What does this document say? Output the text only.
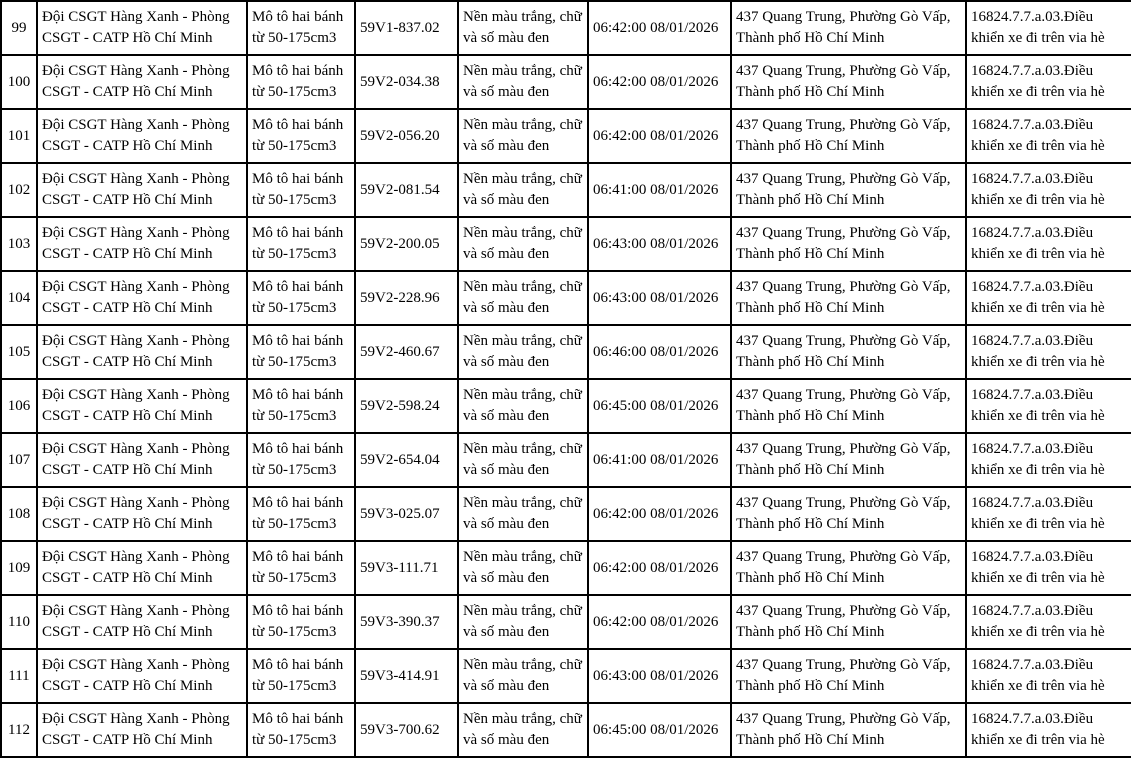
99	Đội CSGT Hàng Xanh - Phòng CSGT - CATP Hồ Chí Minh	Mô tô hai bánh từ 50-175cm3	59V1-837.02	Nền màu trắng, chữ và số màu đen	06:42:00 08/01/2026	437 Quang Trung, Phường Gò Vấp, Thành phố Hồ Chí Minh	16824.7.7.a.03.Điều khiển xe đi trên via hè
100	Đội CSGT Hàng Xanh - Phòng CSGT - CATP Hồ Chí Minh	Mô tô hai bánh từ 50-175cm3	59V2-034.38	Nền màu trắng, chữ và số màu đen	06:42:00 08/01/2026	437 Quang Trung, Phường Gò Vấp, Thành phố Hồ Chí Minh	16824.7.7.a.03.Điều khiển xe đi trên via hè
101	Đội CSGT Hàng Xanh - Phòng CSGT - CATP Hồ Chí Minh	Mô tô hai bánh từ 50-175cm3	59V2-056.20	Nền màu trắng, chữ và số màu đen	06:42:00 08/01/2026	437 Quang Trung, Phường Gò Vấp, Thành phố Hồ Chí Minh	16824.7.7.a.03.Điều khiển xe đi trên via hè
102	Đội CSGT Hàng Xanh - Phòng CSGT - CATP Hồ Chí Minh	Mô tô hai bánh từ 50-175cm3	59V2-081.54	Nền màu trắng, chữ và số màu đen	06:41:00 08/01/2026	437 Quang Trung, Phường Gò Vấp, Thành phố Hồ Chí Minh	16824.7.7.a.03.Điều khiển xe đi trên via hè
103	Đội CSGT Hàng Xanh - Phòng CSGT - CATP Hồ Chí Minh	Mô tô hai bánh từ 50-175cm3	59V2-200.05	Nền màu trắng, chữ và số màu đen	06:43:00 08/01/2026	437 Quang Trung, Phường Gò Vấp, Thành phố Hồ Chí Minh	16824.7.7.a.03.Điều khiển xe đi trên via hè
104	Đội CSGT Hàng Xanh - Phòng CSGT - CATP Hồ Chí Minh	Mô tô hai bánh từ 50-175cm3	59V2-228.96	Nền màu trắng, chữ và số màu đen	06:43:00 08/01/2026	437 Quang Trung, Phường Gò Vấp, Thành phố Hồ Chí Minh	16824.7.7.a.03.Điều khiển xe đi trên via hè
105	Đội CSGT Hàng Xanh - Phòng CSGT - CATP Hồ Chí Minh	Mô tô hai bánh từ 50-175cm3	59V2-460.67	Nền màu trắng, chữ và số màu đen	06:46:00 08/01/2026	437 Quang Trung, Phường Gò Vấp, Thành phố Hồ Chí Minh	16824.7.7.a.03.Điều khiển xe đi trên via hè
106	Đội CSGT Hàng Xanh - Phòng CSGT - CATP Hồ Chí Minh	Mô tô hai bánh từ 50-175cm3	59V2-598.24	Nền màu trắng, chữ và số màu đen	06:45:00 08/01/2026	437 Quang Trung, Phường Gò Vấp, Thành phố Hồ Chí Minh	16824.7.7.a.03.Điều khiển xe đi trên via hè
107	Đội CSGT Hàng Xanh - Phòng CSGT - CATP Hồ Chí Minh	Mô tô hai bánh từ 50-175cm3	59V2-654.04	Nền màu trắng, chữ và số màu đen	06:41:00 08/01/2026	437 Quang Trung, Phường Gò Vấp, Thành phố Hồ Chí Minh	16824.7.7.a.03.Điều khiển xe đi trên via hè
108	Đội CSGT Hàng Xanh - Phòng CSGT - CATP Hồ Chí Minh	Mô tô hai bánh từ 50-175cm3	59V3-025.07	Nền màu trắng, chữ và số màu đen	06:42:00 08/01/2026	437 Quang Trung, Phường Gò Vấp, Thành phố Hồ Chí Minh	16824.7.7.a.03.Điều khiển xe đi trên via hè
109	Đội CSGT Hàng Xanh - Phòng CSGT - CATP Hồ Chí Minh	Mô tô hai bánh từ 50-175cm3	59V3-111.71	Nền màu trắng, chữ và số màu đen	06:42:00 08/01/2026	437 Quang Trung, Phường Gò Vấp, Thành phố Hồ Chí Minh	16824.7.7.a.03.Điều khiển xe đi trên via hè
110	Đội CSGT Hàng Xanh - Phòng CSGT - CATP Hồ Chí Minh	Mô tô hai bánh từ 50-175cm3	59V3-390.37	Nền màu trắng, chữ và số màu đen	06:42:00 08/01/2026	437 Quang Trung, Phường Gò Vấp, Thành phố Hồ Chí Minh	16824.7.7.a.03.Điều khiển xe đi trên via hè
111	Đội CSGT Hàng Xanh - Phòng CSGT - CATP Hồ Chí Minh	Mô tô hai bánh từ 50-175cm3	59V3-414.91	Nền màu trắng, chữ và số màu đen	06:43:00 08/01/2026	437 Quang Trung, Phường Gò Vấp, Thành phố Hồ Chí Minh	16824.7.7.a.03.Điều khiển xe đi trên via hè
112	Đội CSGT Hàng Xanh - Phòng CSGT - CATP Hồ Chí Minh	Mô tô hai bánh từ 50-175cm3	59V3-700.62	Nền màu trắng, chữ và số màu đen	06:45:00 08/01/2026	437 Quang Trung, Phường Gò Vấp, Thành phố Hồ Chí Minh	16824.7.7.a.03.Điều khiển xe đi trên via hè
